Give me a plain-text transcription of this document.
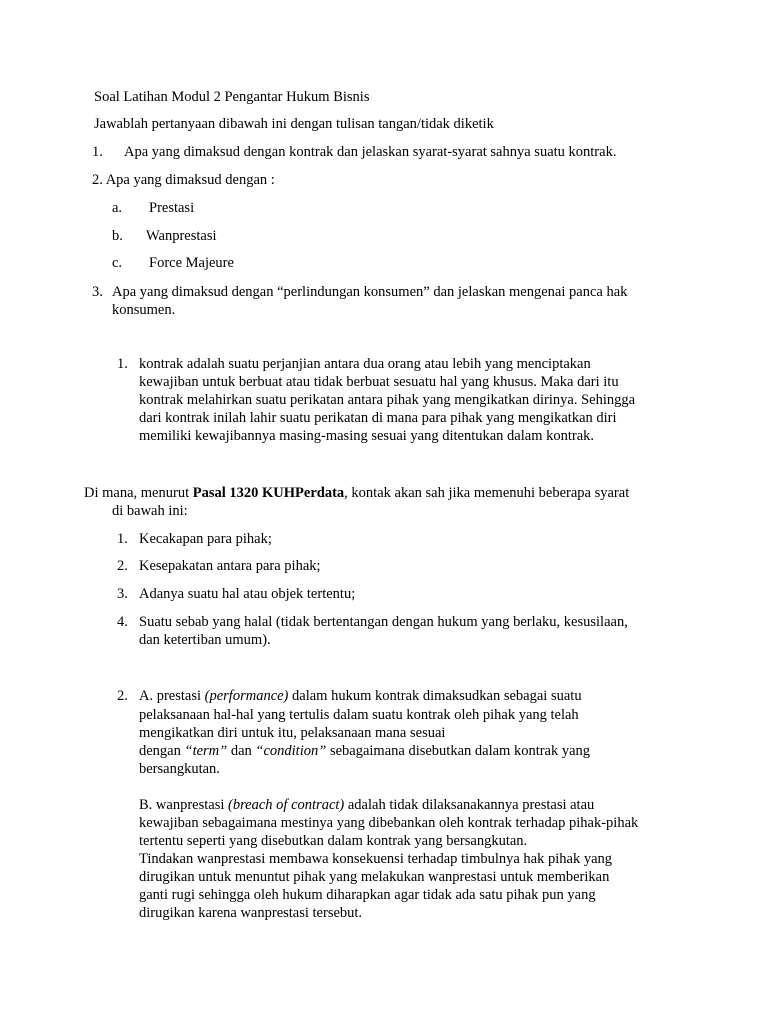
Soal Latihan Modul 2 Pengantar Hukum Bisnis
Jawablah pertanyaan dibawah ini dengan tulisan tangan/tidak diketik
1. Apa yang dimaksud dengan kontrak dan jelaskan syarat-syarat sahnya suatu kontrak.
2. Apa yang dimaksud dengan :
a. Prestasi
b. Wanprestasi
c. Force Majeure
3. Apa yang dimaksud dengan “perlindungan konsumen” dan jelaskan mengenai panca hak
konsumen.
1. kontrak adalah suatu perjanjian antara dua orang atau lebih yang menciptakan
kewajiban untuk berbuat atau tidak berbuat sesuatu hal yang khusus. Maka dari itu
kontrak melahirkan suatu perikatan antara pihak yang mengikatkan dirinya. Sehingga
dari kontrak inilah lahir suatu perikatan di mana para pihak yang mengikatkan diri
memiliki kewajibannya masing-masing sesuai yang ditentukan dalam kontrak.
Di mana, menurut Pasal 1320 KUHPerdata, kontak akan sah jika memenuhi beberapa syarat
di bawah ini:
1. Kecakapan para pihak;
2. Kesepakatan antara para pihak;
3. Adanya suatu hal atau objek tertentu;
4. Suatu sebab yang halal (tidak bertentangan dengan hukum yang berlaku, kesusilaan,
dan ketertiban umum).
2. A. prestasi (performance) dalam hukum kontrak dimaksudkan sebagai suatu
pelaksanaan hal-hal yang tertulis dalam suatu kontrak oleh pihak yang telah
mengikatkan diri untuk itu, pelaksanaan mana sesuai
dengan “term” dan “condition” sebagaimana disebutkan dalam kontrak yang
bersangkutan.
B. wanprestasi (breach of contract) adalah tidak dilaksanakannya prestasi atau
kewajiban sebagaimana mestinya yang dibebankan oleh kontrak terhadap pihak-pihak
tertentu seperti yang disebutkan dalam kontrak yang bersangkutan.
Tindakan wanprestasi membawa konsekuensi terhadap timbulnya hak pihak yang
dirugikan untuk menuntut pihak yang melakukan wanprestasi untuk memberikan
ganti rugi sehingga oleh hukum diharapkan agar tidak ada satu pihak pun yang
dirugikan karena wanprestasi tersebut.
